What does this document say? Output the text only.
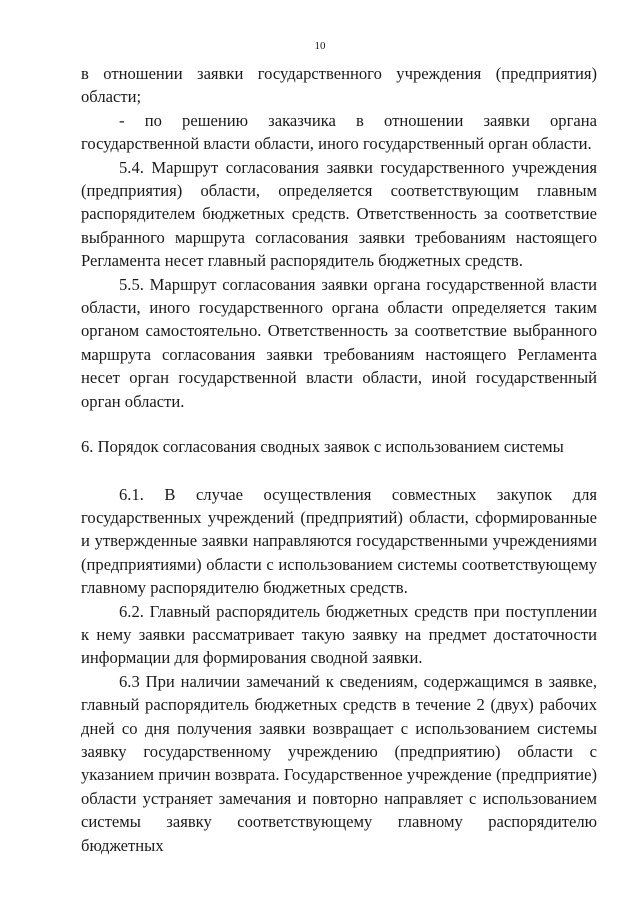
10

в отношении заявки государственного учреждения (предприятия) области;

- по решению заказчика в отношении заявки органа государственной власти области, иного государственный орган области.

5.4. Маршрут согласования заявки государственного учреждения (предприятия) области, определяется соответствующим главным распорядителем бюджетных средств. Ответственность за соответствие выбранного маршрута согласования заявки требованиям настоящего Регламента несет главный распорядитель бюджетных средств.

5.5. Маршрут согласования заявки органа государственной власти области, иного государственного органа области определяется таким органом самостоятельно. Ответственность за соответствие выбранного маршрута согласования заявки требованиям настоящего Регламента несет орган государственной власти области, иной государственный орган области.

6. Порядок согласования сводных заявок с использованием системы

6.1. В случае осуществления совместных закупок для государственных учреждений (предприятий) области, сформированные и утвержденные заявки направляются государственными учреждениями (предприятиями) области с использованием системы соответствующему главному распорядителю бюджетных средств.

6.2. Главный распорядитель бюджетных средств при поступлении к нему заявки рассматривает такую заявку на предмет достаточности информации для формирования сводной заявки.

6.3 При наличии замечаний к сведениям, содержащимся в заявке, главный распорядитель бюджетных средств в течение 2 (двух) рабочих дней со дня получения заявки возвращает с использованием системы заявку государственному учреждению (предприятию) области с указанием причин возврата. Государственное учреждение (предприятие) области устраняет замечания и повторно направляет с использованием системы заявку соответствующему главному распорядителю бюджетных
